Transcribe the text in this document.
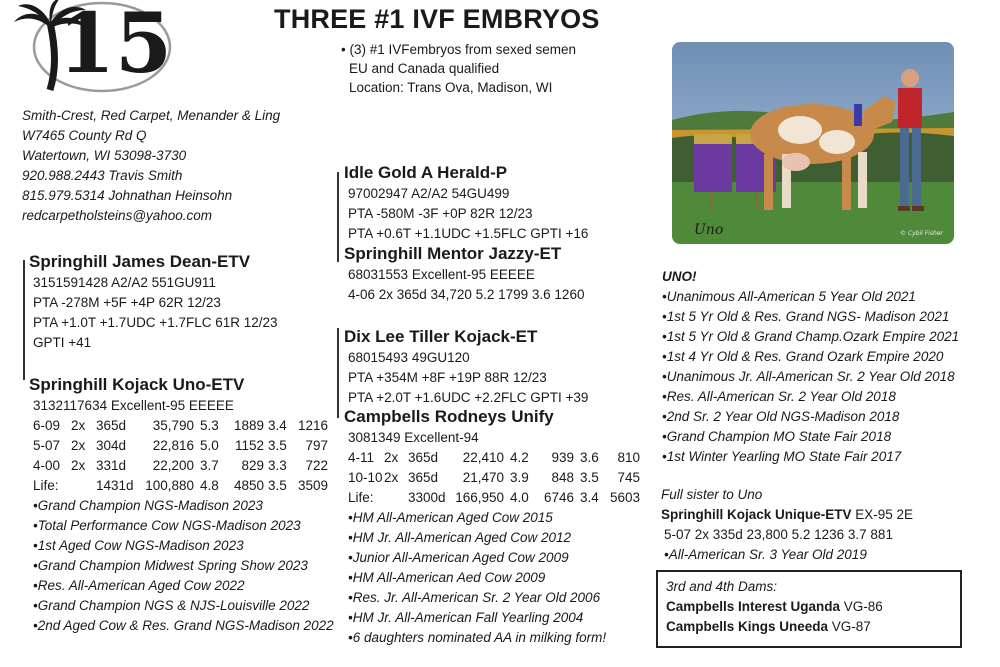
15	THREE #1 IVF EMBRYOS
• (3) #1 IVFembryos from sexed semen
EU and Canada qualified
Location: Trans Ova, Madison, WI
Smith-Crest, Red Carpet, Menander & Ling
W7465 County Rd Q
Watertown, WI 53098-3730
920.988.2443 Travis Smith
815.979.5314 Johnathan Heinsohn
redcarpetholsteins@yahoo.com
Uno	© Cybil Fisher
Springhill James Dean-ETV
3151591428 A2/A2 551GU911
PTA -278M +5F +4P 62R 12/23
PTA +1.0T +1.7UDC +1.7FLC 61R 12/23
GPTI +41
Springhill Kojack Uno-ETV
3132117634 Excellent-95 EEEEE
6-09	2x	365d	35,790	5.3	1889	3.4	1216
5-07	2x	304d	22,816	5.0	1152	3.5	797
4-00	2x	331d	22,200	3.7	829	3.3	722
Life:		1431d	100,880	4.8	4850	3.5	3509
•Grand Champion NGS-Madison 2023
•Total Performance Cow NGS-Madison 2023
•1st Aged Cow NGS-Madison 2023
•Grand Champion Midwest Spring Show 2023
•Res. All-American Aged Cow 2022
•Grand Champion NGS & NJS-Louisville 2022
•2nd Aged Cow & Res. Grand NGS-Madison 2022
Idle Gold A Herald-P
97002947 A2/A2 54GU499
PTA -580M -3F +0P 82R 12/23
PTA +0.6T +1.1UDC +1.5FLC GPTI +16
Springhill Mentor Jazzy-ET
68031553 Excellent-95 EEEEE
4-06 2x 365d 34,720 5.2 1799 3.6 1260
Dix Lee Tiller Kojack-ET
68015493 49GU120
PTA +354M +8F +19P 88R 12/23
PTA +2.0T +1.6UDC +2.2FLC GPTI +39
Campbells Rodneys Unify
3081349 Excellent-94
4-11	2x	365d	22,410	4.2	939	3.6	810
10-10	2x	365d	21,470	3.9	848	3.5	745
Life:		3300d	166,950	4.0	6746	3.4	5603
•HM All-American Aged Cow 2015
•HM Jr. All-American Aged Cow 2012
•Junior All-American Aged Cow 2009
•HM All-American Aed Cow 2009
•Res. Jr. All-American Sr. 2 Year Old 2006
•HM Jr. All-American Fall Yearling 2004
•6 daughters nominated AA in milking form!
UNO!
•Unanimous All-American 5 Year Old 2021
•1st 5 Yr Old & Res. Grand NGS- Madison 2021
•1st 5 Yr Old & Grand Champ.Ozark Empire 2021
•1st 4 Yr Old & Res. Grand Ozark Empire 2020
•Unanimous Jr. All-American Sr. 2 Year Old 2018
•Res. All-American Sr. 2 Year Old 2018
•2nd Sr. 2 Year Old NGS-Madison 2018
•Grand Champion MO State Fair 2018
•1st Winter Yearling MO State Fair 2017
Full sister to Uno
Springhill Kojack Unique-ETV EX-95 2E
5-07 2x 335d 23,800 5.2 1236 3.7 881
•All-American Sr. 3 Year Old 2019
3rd and 4th Dams:
Campbells Interest Uganda VG-86
Campbells Kings Uneeda VG-87
